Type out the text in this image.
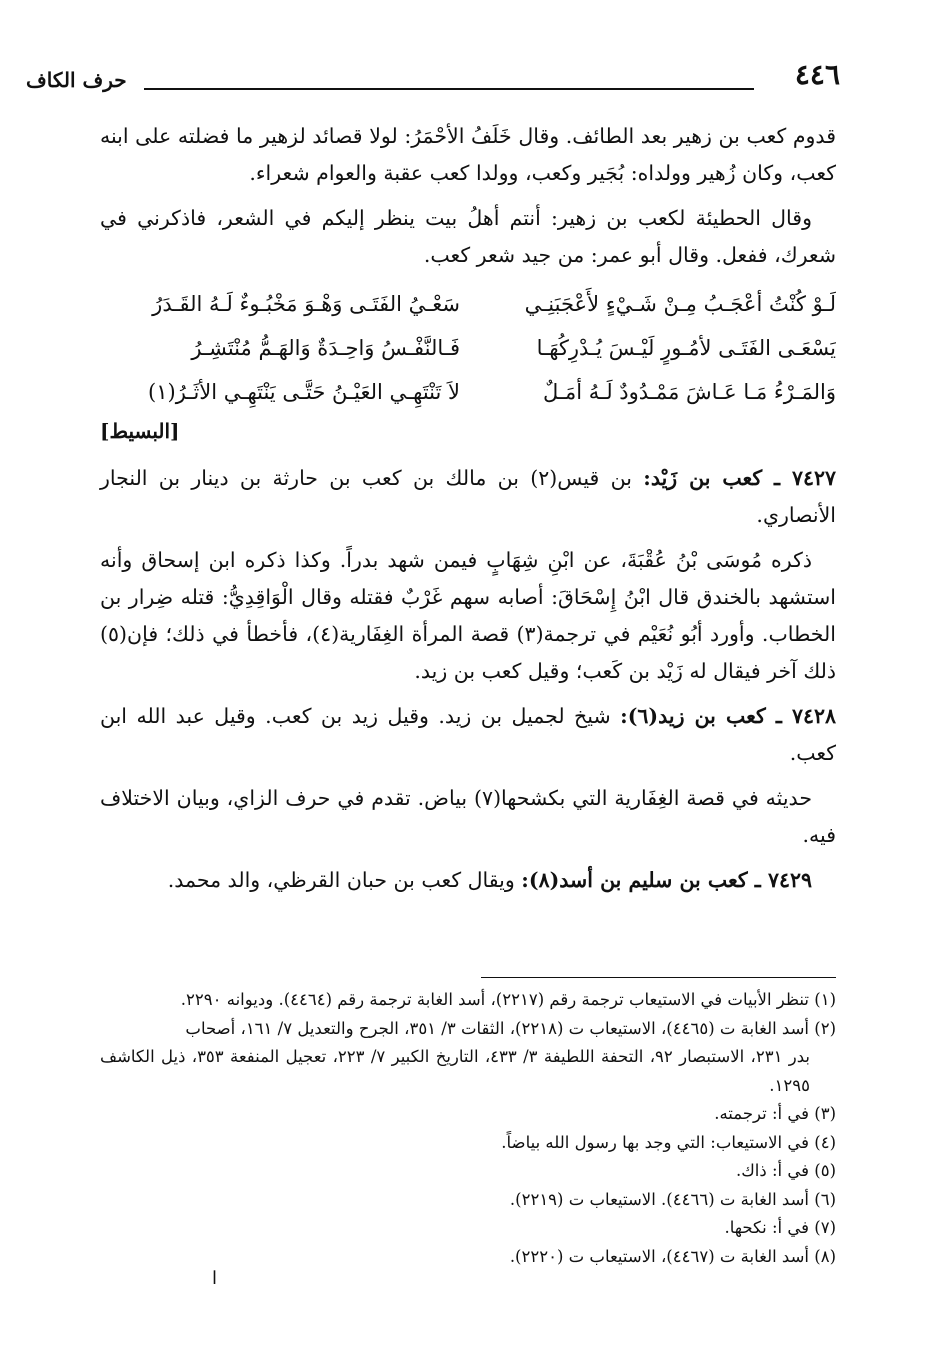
٤٤٦
حرف الكاف

قدوم كعب بن زهير بعد الطائف. وقال خَلَفُ الأحْمَرُ: لولا قصائد لزهير ما فضلته على ابنه كعب، وكان زُهير وولداه: بُجَير وكعب، وولدا كعب عقبة والعوام شعراء.

وقال الحطيئة لكعب بن زهير: أنتم أهلُ بيت ينظر إليكم في الشعر، فاذكرني في شعرك، ففعل. وقال أبو عمر: من جيد شعر كعب.

لَـوْ كُنْتُ أعْجَـبُ مِـنْ شَـيْءٍ لأَعْجَبَنِـي
سَعْـيُ الفَتَـى وَهْـوَ مَخْبُـوءٌ لَـهُ القَـدَرُ
يَسْعَـى الفَتَـى لأمُـورٍ لَيْـسَ يُـدْرِكُهَـا
فَـالنَّفْـسُ وَاحِـدَةٌ وَالهَـمُّ مُنْتَشِـرُ
وَالمَـرْءُ مَـا عَـاشَ مَمْـدُودٌ لَـهُ أمَـلٌ
لاَ تَنْتَهِـي العَيْـنُ حَتَّـى يَنْتَهِـي الأثَـرُ(١)
[البسيط]

٧٤٢٧ ـ كعب بن زَيْد: بن قيس(٢) بن مالك بن كعب بن حارثة بن دينار بن النجار الأنصاري.

ذكره مُوسَى بْنُ عُقْبَةَ، عن ابْنِ شِهَابٍ فيمن شهد بدراً. وكذا ذكره ابن إسحاق وأنه استشهد بالخندق قال ابْنُ إِسْحَاقَ: أصابه سهم غَرْبٌ فقتله وقال الْوَاقِدِيُّ: قتله ضِرار بن الخطاب. وأورد أبُو نُعَيْم في ترجمة(٣) قصة المرأة الغِفَارية(٤)، فأخطأ في ذلك؛ فإن(٥) ذلك آخر فيقال له زَيْد بن كَعب؛ وقيل كعب بن زيد.

٧٤٢٨ ـ كعب بن زيد(٦): شيخ لجميل بن زيد. وقيل زيد بن كعب. وقيل عبد الله ابن كعب.

حديثه في قصة الغِفَارية التي بكشحها(٧) بياض. تقدم في حرف الزاي، وبيان الاختلاف فيه.

٧٤٢٩ ـ كعب بن سليم بن أسد(٨): ويقال كعب بن حبان القرظي، والد محمد.

(١) تنظر الأبيات في الاستيعاب ترجمة رقم (٢٢١٧)، أسد الغابة ترجمة رقم (٤٤٦٤). وديوانه ٢٢٩٠.

(٢) أسد الغابة ت (٤٤٦٥)، الاستيعاب ت (٢٢١٨)، الثقات ٣/ ٣٥١، الجرح والتعديل ٧/ ١٦١، أصحاب

بدر ٢٣١، الاستبصار ٩٢، التحفة اللطيفة ٣/ ٤٣٣، التاريخ الكبير ٧/ ٢٢٣، تعجيل المنفعة ٣٥٣، ذيل الكاشف ١٢٩٥.

(٣) في أ: ترجمته.

(٤) في الاستيعاب: التي وجد بها رسول الله بياضاً.

(٥) في أ: ذاك.

(٦) أسد الغابة ت (٤٤٦٦). الاستيعاب ت (٢٢١٩).

(٧) في أ: نكحها.

(٨) أسد الغابة ت (٤٤٦٧)، الاستيعاب ت (٢٢٢٠).

ا
